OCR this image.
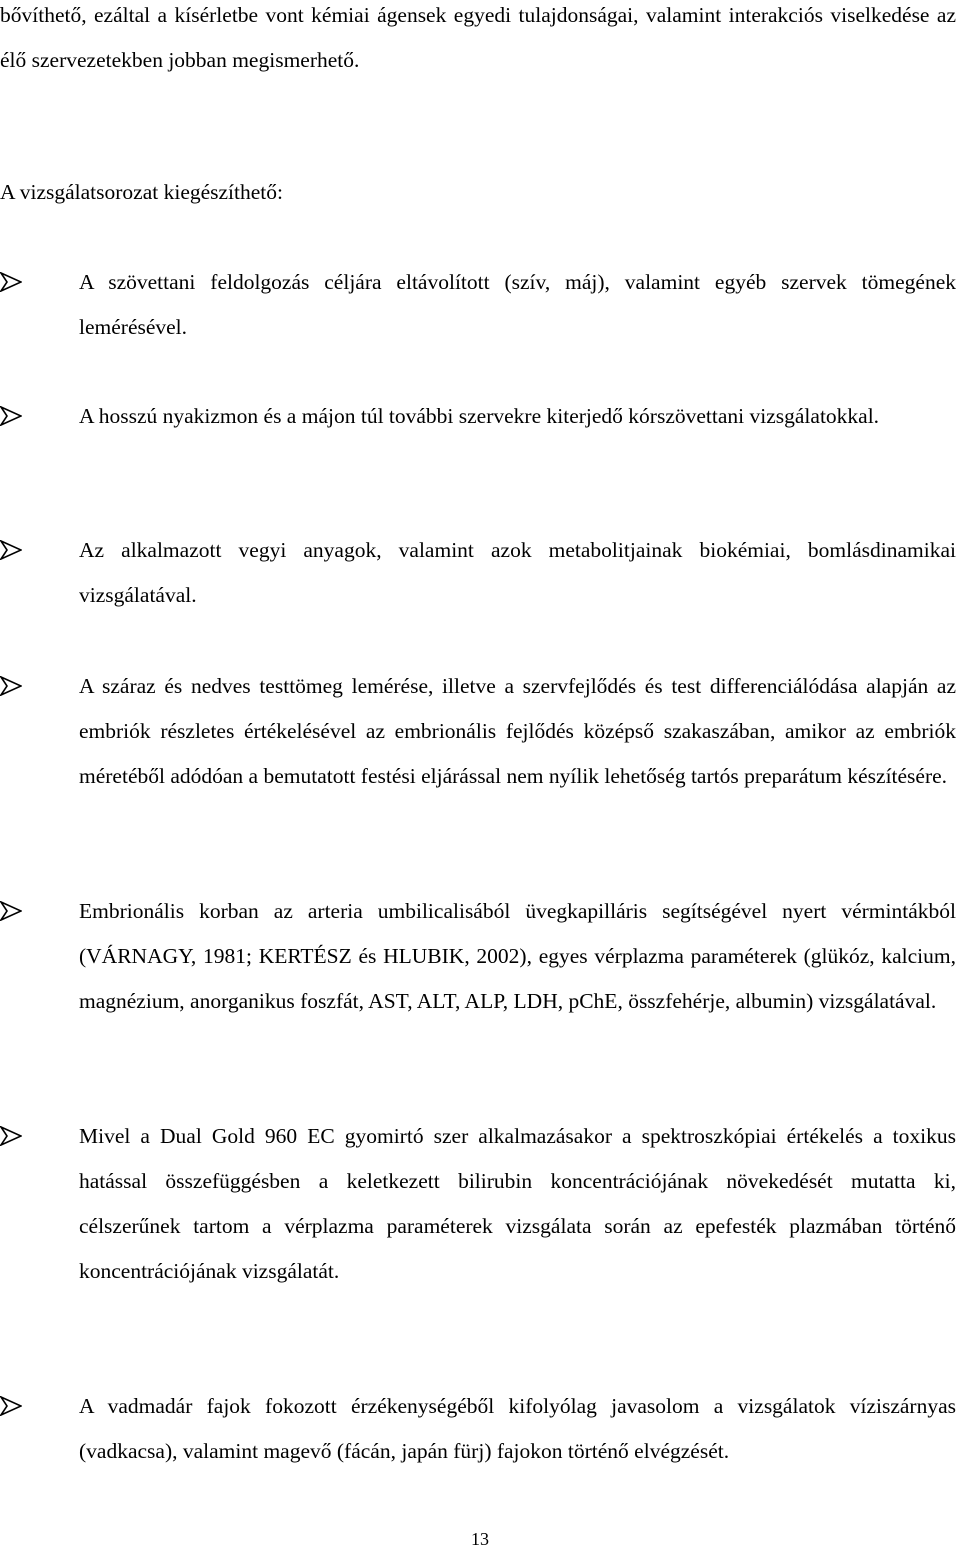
bővíthető, ezáltal a kísérletbe vont kémiai ágensek egyedi tulajdonságai, valamint interakciós viselkedése az élő szervezetekben jobban megismerhető.

A vizsgálatsorozat kiegészíthető:

A szövettani feldolgozás céljára eltávolított (szív, máj), valamint egyéb szervek tömegének lemérésével.

A hosszú nyakizmon és a májon túl további szervekre kiterjedő kórszövettani vizsgálatokkal.

Az alkalmazott vegyi anyagok, valamint azok metabolitjainak biokémiai, bomlásdinamikai vizsgálatával.

A száraz és nedves testtömeg lemérése, illetve a szervfejlődés és test differenciálódása alapján az embriók részletes értékelésével az embrionális fejlődés középső szakaszában, amikor az embriók méretéből adódóan a bemutatott festési eljárással nem nyílik lehetőség tartós preparátum készítésére.

Embrionális korban az arteria umbilicalisából üvegkapilláris segítségével nyert vérmintákból (VÁRNAGY, 1981; KERTÉSZ és HLUBIK, 2002), egyes vérplazma paraméterek (glükóz, kalcium, magnézium, anorganikus foszfát, AST, ALT, ALP, LDH, pChE, összfehérje, albumin) vizsgálatával.

Mivel a Dual Gold 960 EC gyomirtó szer alkalmazásakor a spektroszkópiai értékelés a toxikus hatással összefüggésben a keletkezett bilirubin koncentrációjának növekedését mutatta ki, célszerűnek tartom a vérplazma paraméterek vizsgálata során az epefesték plazmában történő koncentrációjának vizsgálatát.

A vadmadár fajok fokozott érzékenységéből kifolyólag javasolom a vizsgálatok víziszárnyas (vadkacsa), valamint magevő (fácán, japán fürj) fajokon történő elvégzését.

13
